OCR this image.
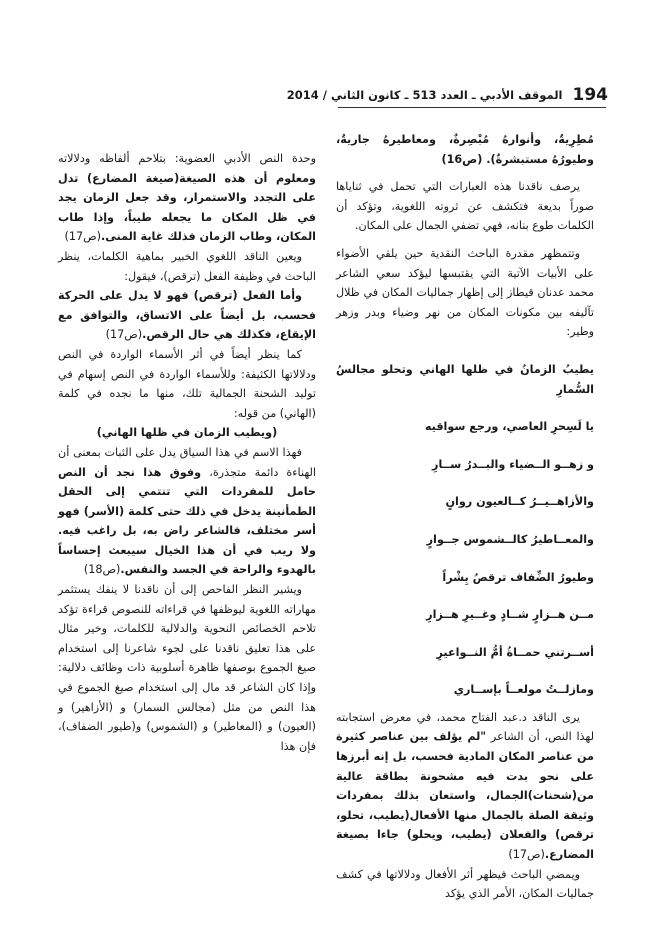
194
الموقف الأدبي ـ العدد 513 ـ كانون الثاني / 2014

مُطِرِيةٌ، وأنوارهُ مُبْصِرةٌ، ومعاطيرهُ جاريةٌ، وطيورُهُ مستبشرةٌ). (ص16)

يرصف ناقدنا هذه العبارات التي تحمل في ثناياها صوراً بديعة فتكشف عن ثروته اللغوية، وتؤكد أن الكلمات طوع بنانه، فهي تضفي الجمال على المكان.

وتتمظهر مقدرة الباحث النقدية حين يلقي الأضواء على الأبيات الآتية التي يقتبسها ليؤكد سعي الشاعر محمد عدنان قيطاز إلى إظهار جماليات المكان في ظلال تآليفه بين مكونات المكان من نهر وضياء وبدر وزهر وطير:

يطيبُ الزمانُ في ظلها الهاني وتحلو مجالسُ السُّمارِ

يا لَسِحرِ العاصي، ورجع سواقيه

و زهــو الــضياء والبــدرُ ســارِ

والأزاهــيــرُ كــالعيون روانٍ

والمعــاطيرُ كالــشموس جــوارٍ

وطيورُ الضِّفاف ترقصُ بِشْراً

مــن هــزارٍ شــادٍ وغــيرِ هــزارِ

أســرتني حمــاةُ أمُّ النــواعيرِ

ومازلــتُ مولعــاً بإســاري

يرى الناقد د.عبد الفتاح محمد، في معرض استجابته لهذا النص، أن الشاعر "لم يؤلف بين عناصر كثيرة من عناصر المكان المادية فحسب، بل إنه أبرزها على نحو بدت فيه مشحونة بطاقة عالية من(شحنات)الجمال، واستعان بذلك بمفردات وثيقة الصلة بالجمال منها الأفعال(يطيب، تحلو، ترقص) والفعلان (يطيب، ويحلو) جاءا بصيغة المضارع.(ص17)

ويمضي الباحث فيظهر أثر الأفعال ودلالاتها في كشف جماليات المكان، الأمر الذي يؤكد

وحدة النص الأدبي العضوية: بتلاحم ألفاظه ودلالاته ومعلوم أن هذه الصيغة(صيغة المضارع) تدل على التجدد والاستمرار، وقد جعل الزمان يجد في ظل المكان ما يجعله طيباً، وإذا طاب المكان، وطاب الزمان فذلك غاية المنى.(ص17)

ويعين الناقد اللغوي الخبير بماهية الكلمات، ينظر الباحث في وظيفة الفعل (ترقص)، فيقول:

وأما الفعل (ترقص) فهو لا يدل على الحركة فحسب، بل أيضاً على الاتساق، والتوافق مع الإيقاع، فكذلك هي حال الرقص.(ص17)

كما ينظر أيضاً في أثر الأسماء الواردة في النص ودلالاتها الكثيفة: وللأسماء الواردة في النص إسهام في توليد الشحنة الجمالية تلك، منها ما نجده في كلمة (الهاني) من قوله:

(ويطيب الزمان في ظلها الهاني)

فهذا الاسم في هذا السياق يدل على الثبات بمعنى أن الهناءة دائمة متجذرة، وفوق هذا نجد أن النص حامل للمفردات التي تنتمي إلى الحقل الطمأنينة يدخل في ذلك حتى كلمة (الأسر) فهو أسر مختلف، فالشاعر راض به، بل راغب فيه. ولا ريب في أن هذا الخيال سيبعث إحساساً بالهدوء والراحة في الجسد والنفس.(ص18)

ويشير النظر الفاحص إلى أن ناقدنا لا ينفك يستثمر مهاراته اللغوية ليوظفها في قراءاته للنصوص قراءة تؤكد تلاحم الخصائص النحوية والدلالية للكلمات، وخير مثال على هذا تعليق ناقدنا على لجوء شاعرنا إلى استخدام صيغ الجموع بوصفها ظاهرة أسلوبية ذات وظائف دلالية: وإذا كان الشاعر قد مال إلى استخدام صيغ الجموع في هذا النص من مثل (مجالس السمار) و (الأزاهير) و (العيون) و (المعاطير) و (الشموس) و(طيور الضفاف)، فإن هذا
